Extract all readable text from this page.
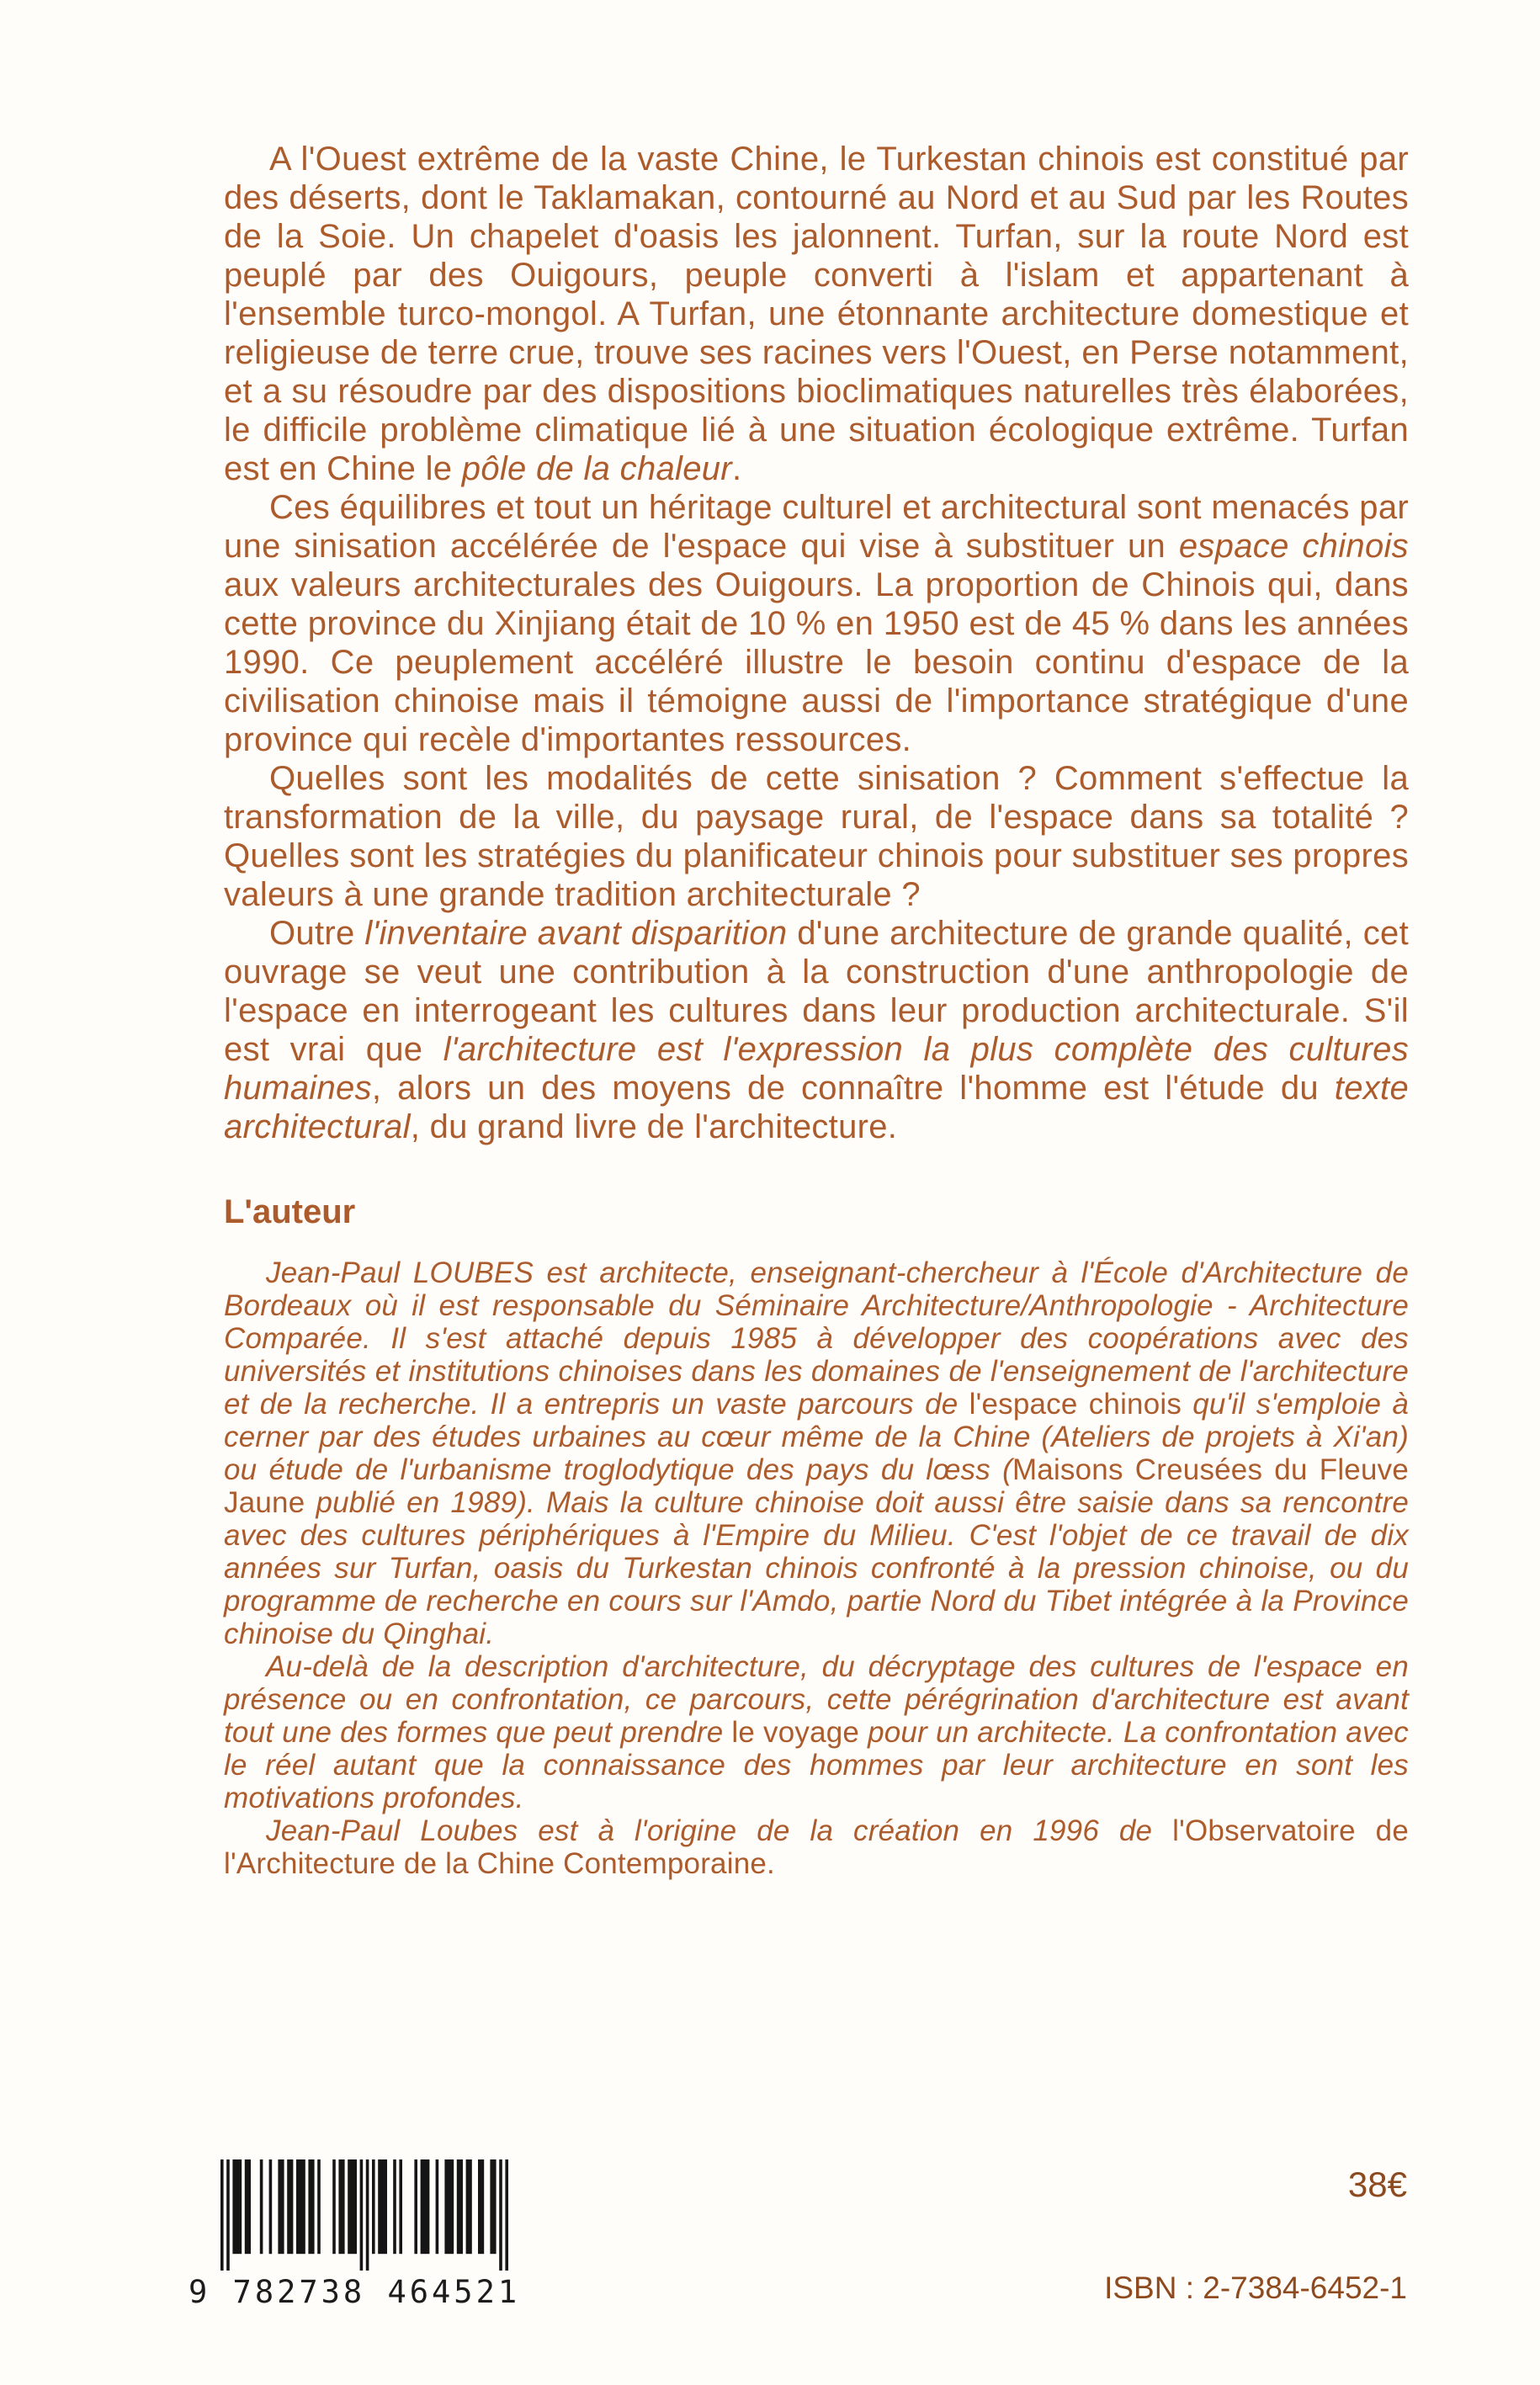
A l'Ouest extrême de la vaste Chine, le Turkestan chinois est constitué par des déserts, dont le Taklamakan, contourné au Nord et au Sud par les Routes de la Soie. Un chapelet d'oasis les jalonnent. Turfan, sur la route Nord est peuplé par des Ouigours, peuple converti à l'islam et appartenant à l'ensemble turco-mongol. A Turfan, une étonnante architecture domestique et religieuse de terre crue, trouve ses racines vers l'Ouest, en Perse notamment, et a su résoudre par des dispositions bioclimatiques naturelles très élaborées, le difficile problème climatique lié à une situation écologique extrême. Turfan est en Chine le pôle de la chaleur.

Ces équilibres et tout un héritage culturel et architectural sont menacés par une sinisation accélérée de l'espace qui vise à substituer un espace chinois aux valeurs architecturales des Ouigours. La proportion de Chinois qui, dans cette province du Xinjiang était de 10 % en 1950 est de 45 % dans les années 1990. Ce peuplement accéléré illustre le besoin continu d'espace de la civilisation chinoise mais il témoigne aussi de l'importance stratégique d'une province qui recèle d'importantes ressources.

Quelles sont les modalités de cette sinisation ? Comment s'effectue la transformation de la ville, du paysage rural, de l'espace dans sa totalité ? Quelles sont les stratégies du planificateur chinois pour substituer ses propres valeurs à une grande tradition architecturale ?

Outre l'inventaire avant disparition d'une architecture de grande qualité, cet ouvrage se veut une contribution à la construction d'une anthropologie de l'espace en interrogeant les cultures dans leur production architecturale. S'il est vrai que l'architecture est l'expression la plus complète des cultures humaines, alors un des moyens de connaître l'homme est l'étude du texte architectural, du grand livre de l'architecture.

L'auteur

Jean-Paul LOUBES est architecte, enseignant-chercheur à l'École d'Architecture de Bordeaux où il est responsable du Séminaire Architecture/Anthropologie - Architecture Comparée. Il s'est attaché depuis 1985 à développer des coopérations avec des universités et institutions chinoises dans les domaines de l'enseignement de l'architecture et de la recherche. Il a entrepris un vaste parcours de l'espace chinois qu'il s'emploie à cerner par des études urbaines au cœur même de la Chine (Ateliers de projets à Xi'an) ou étude de l'urbanisme troglodytique des pays du lœss (Maisons Creusées du Fleuve Jaune publié en 1989). Mais la culture chinoise doit aussi être saisie dans sa rencontre avec des cultures périphériques à l'Empire du Milieu. C'est l'objet de ce travail de dix années sur Turfan, oasis du Turkestan chinois confronté à la pression chinoise, ou du programme de recherche en cours sur l'Amdo, partie Nord du Tibet intégrée à la Province chinoise du Qinghai.

Au-delà de la description d'architecture, du décryptage des cultures de l'espace en présence ou en confrontation, ce parcours, cette pérégrination d'architecture est avant tout une des formes que peut prendre le voyage pour un architecte. La confrontation avec le réel autant que la connaissance des hommes par leur architecture en sont les motivations profondes.

Jean-Paul Loubes est à l'origine de la création en 1996 de l'Observatoire de l'Architecture de la Chine Contemporaine.

9 782738 464521
38€
ISBN : 2-7384-6452-1
